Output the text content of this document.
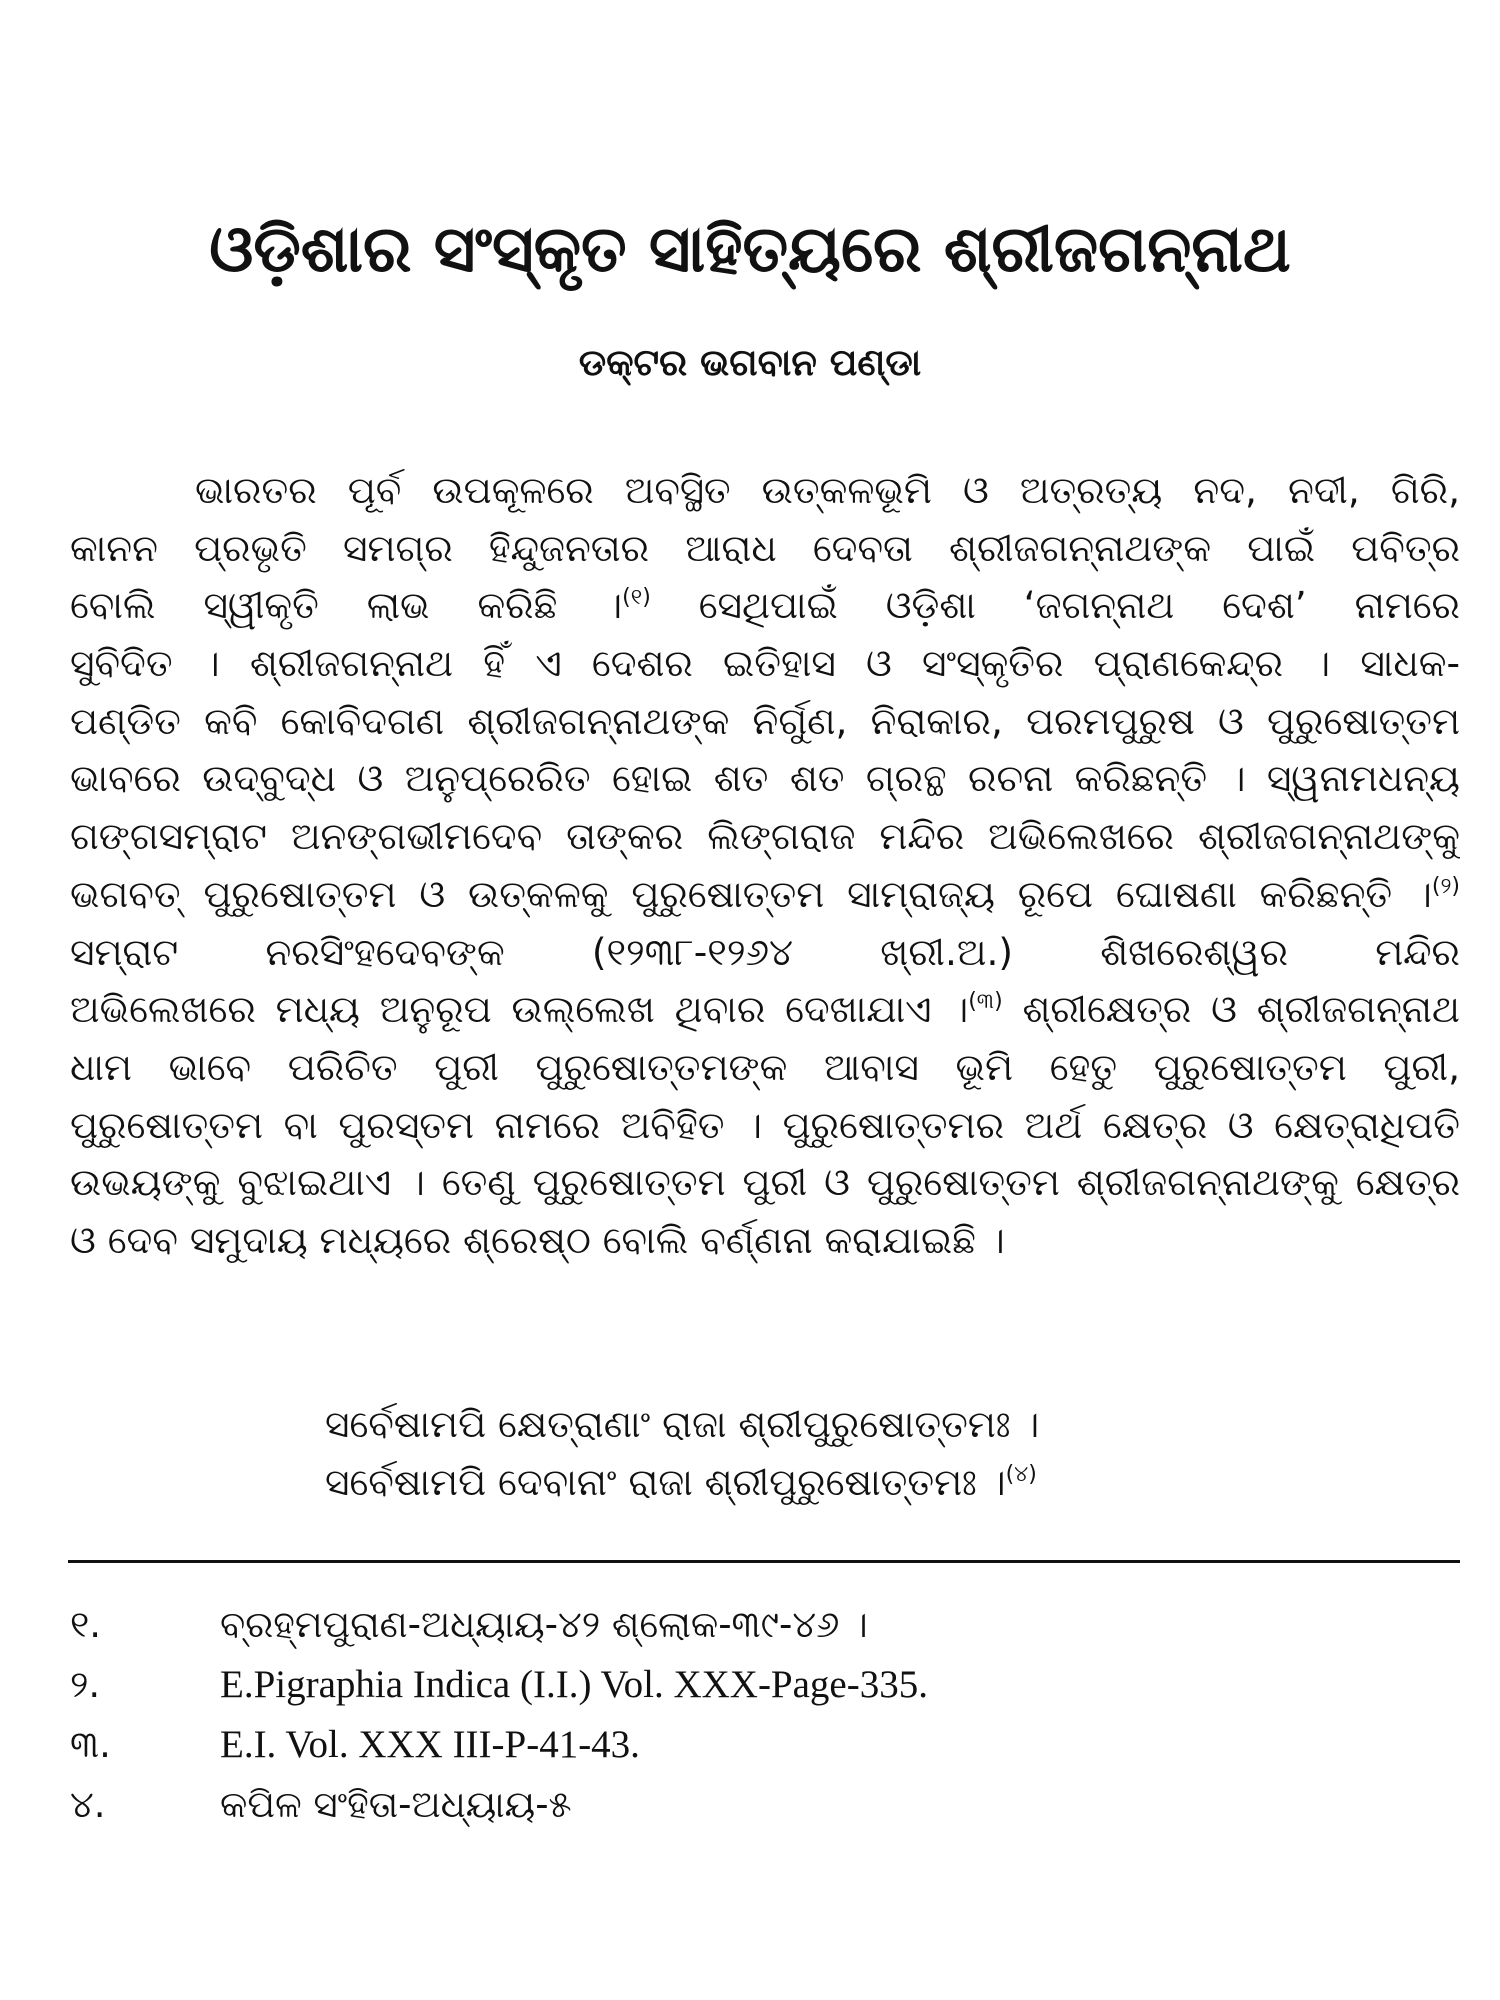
ଓଡ଼ିଶାର ସଂସ୍କୃତ ସାହିତ୍ୟରେ ଶ୍ରୀଜଗନ୍ନାଥ
ଡକ୍ଟର ଭଗବାନ ପଣ୍ଡା
ଭାରତର ପୂର୍ବ ଉପକୂଳରେ ଅବସ୍ଥିତ ଉତ୍କଳଭୂମି ଓ ଅତ୍ରତ୍ୟ ନଦ, ନଦୀ, ଗିରି,
କାନନ ପ୍ରଭୃତି ସମଗ୍ର ହିନ୍ଦୁଜନତାର ଆରାଧ ଦେବତା ଶ୍ରୀଜଗନ୍ନାଥଙ୍କ ପାଇଁ ପବିତ୍ର
ବୋଲି ସ୍ୱୀକୃତି ଲାଭ କରିଛି ।$^{(୧)}$ ସେଥିପାଇଁ ଓଡ଼ିଶା ‘ଜଗନ୍ନାଥ ଦେଶ’ ନାମରେ
ସୁବିଦିତ । ଶ୍ରୀଜଗନ୍ନାଥ ହିଁ ଏ ଦେଶର ଇତିହାସ ଓ ସଂସ୍କୃତିର ପ୍ରାଣକେନ୍ଦ୍ର । ସାଧକ-
ପଣ୍ଡିତ କବି କୋବିଦଗଣ ଶ୍ରୀଜଗନ୍ନାଥଙ୍କ ନିର୍ଗୁଣ, ନିରାକାର, ପରମପୁରୁଷ ଓ ପୁରୁଷୋତ୍ତମ
ଭାବରେ ଉଦ୍‌ବୁଦ୍ଧ ଓ ଅନୁପ୍ରେରିତ ହୋଇ ଶତ ଶତ ଗ୍ରନ୍ଥ ରଚନା କରିଛନ୍ତି । ସ୍ୱନାମଧନ୍ୟ
ଗଙ୍ଗସମ୍ରାଟ ଅନଙ୍ଗଭୀମଦେବ ତାଙ୍କର ଲିଙ୍ଗରାଜ ମନ୍ଦିର ଅଭିଲେଖରେ ଶ୍ରୀଜଗନ୍ନାଥଙ୍କୁ
ଭଗବତ୍ ପୁରୁଷୋତ୍ତମ ଓ ଉତ୍କଳକୁ ପୁରୁଷୋତ୍ତମ ସାମ୍ରାଜ୍ୟ ରୂପେ ଘୋଷଣା କରିଛନ୍ତି ।$^{(୨)}$
ସମ୍ରାଟ ନରସିଂହଦେବଙ୍କ (୧୨୩୮-୧୨୬୪ ଖ୍ରୀ.ଅ.) ଶିଖରେଶ୍ୱର ମନ୍ଦିର
ଅଭିଲେଖରେ ମଧ୍ୟ ଅନୁରୂପ ଉଲ୍ଲେଖ ଥିବାର ଦେଖାଯାଏ ।$^{(୩)}$ ଶ୍ରୀକ୍ଷେତ୍ର ଓ ଶ୍ରୀଜଗନ୍ନାଥ
ଧାମ ଭାବେ ପରିଚିତ ପୁରୀ ପୁରୁଷୋତ୍ତମଙ୍କ ଆବାସ ଭୂମି ହେତୁ ପୁରୁଷୋତ୍ତମ ପୁରୀ,
ପୁରୁଷୋତ୍ତମ ବା ପୁରସ୍ତମ ନାମରେ ଅବିହିତ । ପୁରୁଷୋତ୍ତମର ଅର୍ଥ କ୍ଷେତ୍ର ଓ କ୍ଷେତ୍ରାଧିପତି
ଉଭୟଙ୍କୁ ବୁଝାଇଥାଏ । ତେଣୁ ପୁରୁଷୋତ୍ତମ ପୁରୀ ଓ ପୁରୁଷୋତ୍ତମ ଶ୍ରୀଜଗନ୍ନାଥଙ୍କୁ କ୍ଷେତ୍ର
ଓ ଦେବ ସମୁଦାୟ ମଧ୍ୟରେ ଶ୍ରେଷ୍ଠ ବୋଲି ବର୍ଣ୍ଣନା କରାଯାଇଛି ।
ସର୍ବେଷାମପି କ୍ଷେତ୍ରାଣାଂ ରାଜା ଶ୍ରୀପୁରୁଷୋତ୍ତମଃ ।
ସର୍ବେଷାମପି ଦେବାନାଂ ରାଜା ଶ୍ରୀପୁରୁଷୋତ୍ତମଃ ।$^{(୪)}$
୧.	ବ୍ରହ୍ମପୁରାଣ-ଅଧ୍ୟାୟ-୪୨ ଶ୍ଲୋକ-୩୯-୪୬ ।
୨.	E.Pigraphia Indica (I.I.) Vol. XXX-Page-335.
୩.	E.I. Vol. XXX III-P-41-43.
୪.	କପିଳ ସଂହିତା-ଅଧ୍ୟାୟ-୫
